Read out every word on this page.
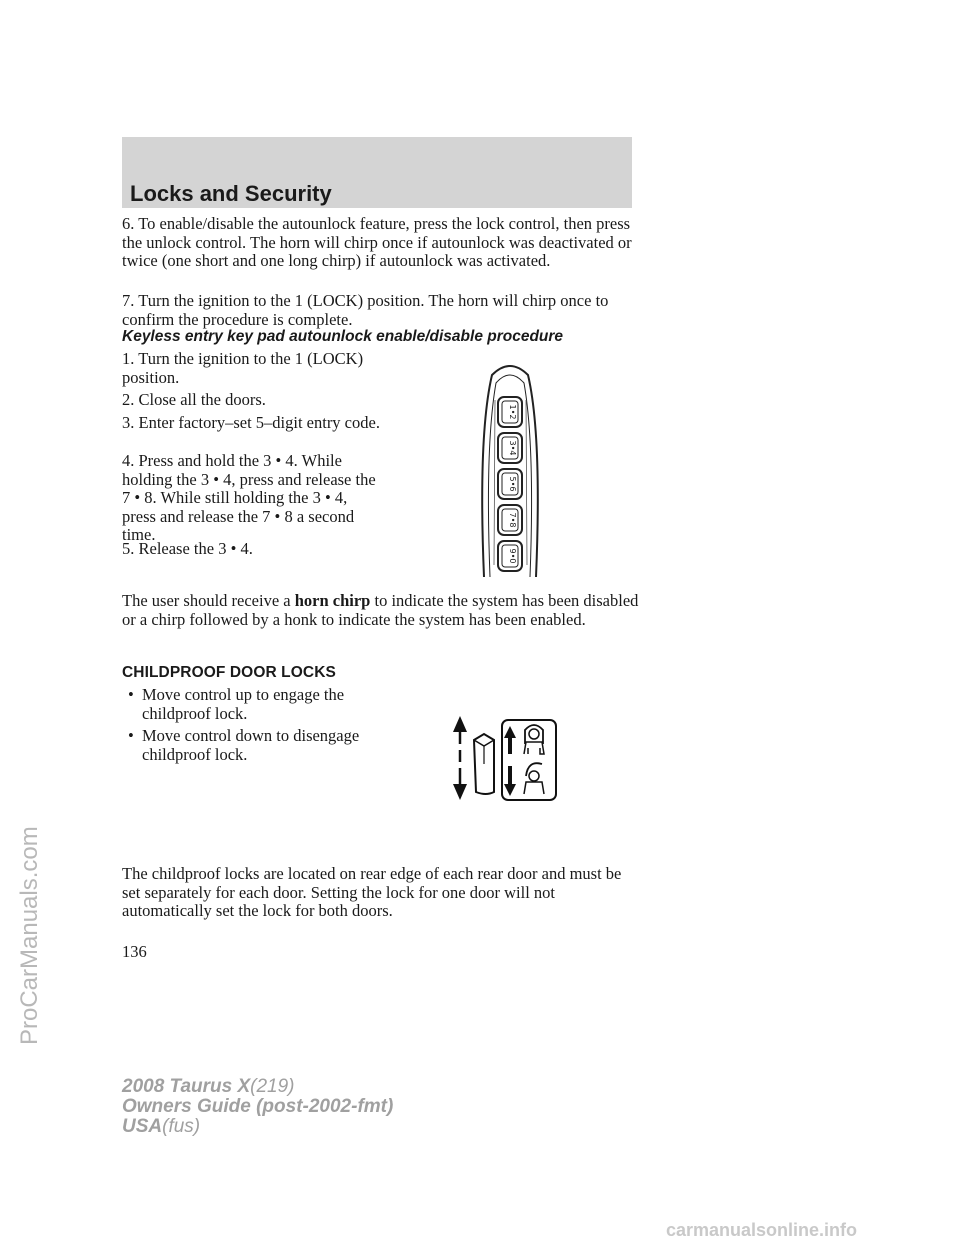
Locks and Security

6. To enable/disable the autounlock feature, press the lock control, then press the unlock control. The horn will chirp once if autounlock was deactivated or twice (one short and one long chirp) if autounlock was activated.

7. Turn the ignition to the 1 (LOCK) position. The horn will chirp once to confirm the procedure is complete.

Keyless entry key pad autounlock enable/disable procedure

1. Turn the ignition to the 1 (LOCK) position.

2. Close all the doors.

3. Enter factory–set 5–digit entry code.

4. Press and hold the 3 • 4. While holding the 3 • 4, press and release the 7 • 8. While still holding the 3 • 4, press and release the 7 • 8 a second time.

5. Release the 3 • 4.

1•2
3•4
5•6
7•8
9•0

The user should receive a horn chirp to indicate the system has been disabled or a chirp followed by a honk to indicate the system has been enabled.

CHILDPROOF DOOR LOCKS
• Move control up to engage the childproof lock.
• Move control down to disengage childproof lock.

The childproof locks are located on rear edge of each rear door and must be set separately for each door. Setting the lock for one door will not automatically set the lock for both doors.

136

2008 Taurus X(219)
Owners Guide (post-2002-fmt)
USA(fus)
ProCarManuals.com
carmanualsonline.info
